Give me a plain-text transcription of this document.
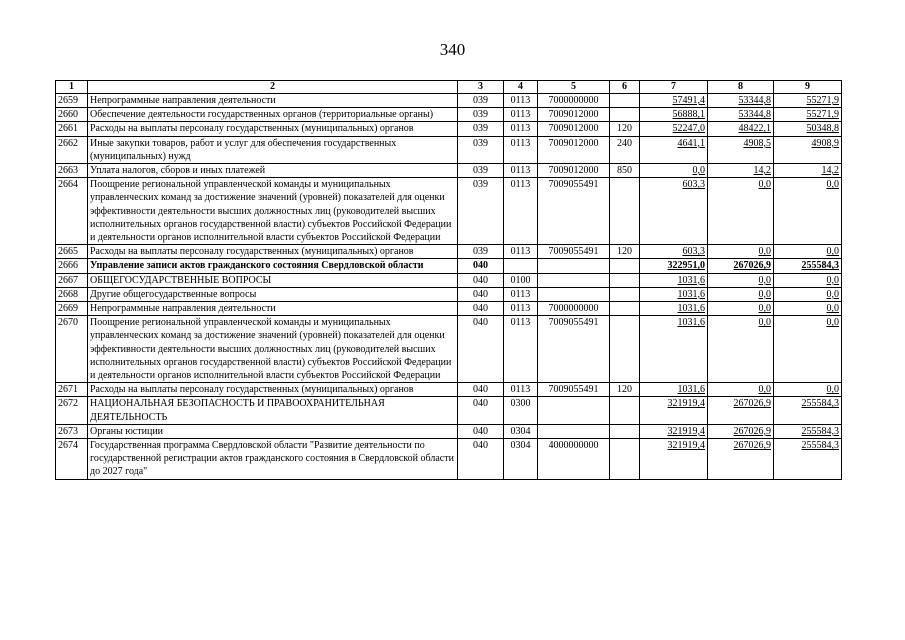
340
1	2	3	4	5	6	7	8	9
2659	Непрограммные направления деятельности	039	0113	7000000000		57491,4	53344,8	55271,9
2660	Обеспечение деятельности государственных органов (территориальные органы)	039	0113	7009012000		56888,1	53344,8	55271,9
2661	Расходы на выплаты персоналу государственных (муниципальных) органов	039	0113	7009012000	120	52247,0	48422,1	50348,8
2662	Иные закупки товаров, работ и услуг для обеспечения государственных (муниципальных) нужд	039	0113	7009012000	240	4641,1	4908,5	4908,9
2663	Уплата налогов, сборов и иных платежей	039	0113	7009012000	850	0,0	14,2	14,2
2664	Поощрение региональной управленческой команды и муниципальных управленческих команд за достижение значений (уровней) показателей для оценки эффективности деятельности высших должностных лиц (руководителей высших исполнительных органов государственной власти) субъектов Российской Федерации и деятельности органов исполнительной власти субъектов Российской Федерации	039	0113	7009055491		603,3	0,0	0,0
2665	Расходы на выплаты персоналу государственных (муниципальных) органов	039	0113	7009055491	120	603,3	0,0	0,0
2666	Управление записи актов гражданского состояния Свердловской области	040				322951,0	267026,9	255584,3
2667	ОБЩЕГОСУДАРСТВЕННЫЕ ВОПРОСЫ	040	0100			1031,6	0,0	0,0
2668	Другие общегосударственные вопросы	040	0113			1031,6	0,0	0,0
2669	Непрограммные направления деятельности	040	0113	7000000000		1031,6	0,0	0,0
2670	Поощрение региональной управленческой команды и муниципальных управленческих команд за достижение значений (уровней) показателей для оценки эффективности деятельности высших должностных лиц (руководителей высших исполнительных органов государственной власти) субъектов Российской Федерации и деятельности органов исполнительной власти субъектов Российской Федерации	040	0113	7009055491		1031,6	0,0	0,0
2671	Расходы на выплаты персоналу государственных (муниципальных) органов	040	0113	7009055491	120	1031,6	0,0	0,0
2672	НАЦИОНАЛЬНАЯ БЕЗОПАСНОСТЬ И ПРАВООХРАНИТЕЛЬНАЯ ДЕЯТЕЛЬНОСТЬ	040	0300			321919,4	267026,9	255584,3
2673	Органы юстиции	040	0304			321919,4	267026,9	255584,3
2674	Государственная программа Свердловской области "Развитие деятельности по государственной регистрации актов гражданского состояния в Свердловской области до 2027 года"	040	0304	4000000000		321919,4	267026,9	255584,3
